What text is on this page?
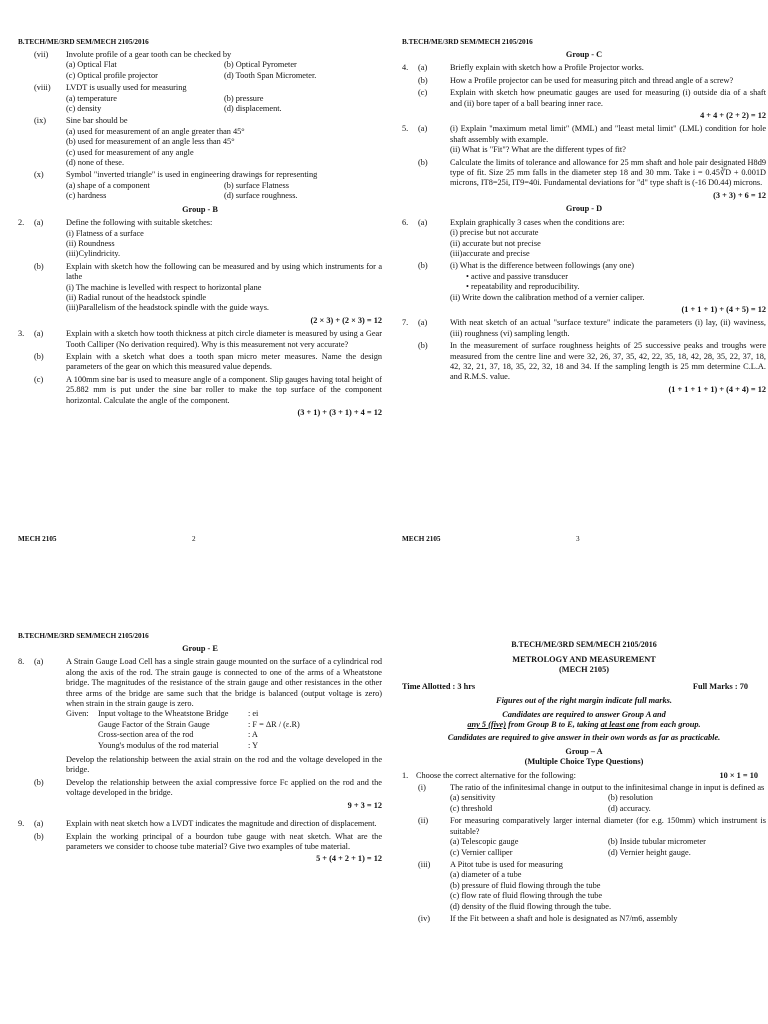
B.TECH/ME/3RD SEM/MECH 2105/2016
(vii)	Involute profile of a gear tooth can be checked by
(a) Optical Flat	(b) Optical Pyrometer
(c) Optical profile projector	(d) Tooth Span Micrometer.
(viii)	LVDT is usually used for measuring
(a) temperature	(b) pressure
(c) density	(d) displacement.
(ix)	Sine bar should be
(a) used for measurement of an angle greater than 45°
(b) used for measurement of an angle less than 45°
(c) used for measurement of any angle
(d) none of these.
(x)	Symbol "inverted triangle" is used in engineering drawings for representing
(a) shape of a component	(b) surface Flatness
(c) hardness	(d) surface roughness.
Group - B
2.	(a)	Define the following with suitable sketches:
(i) Flatness of a surface
(ii) Roundness
(iii)Cylindricity.
(b)	Explain with sketch how the following can be measured and by using which instruments for a lathe
(i) The machine is levelled with respect to horizontal plane
(ii) Radial runout of the headstock spindle
(iii)Parallelism of the headstock spindle with the guide ways.
(2 × 3) + (2 × 3) = 12
3.	(a)	Explain with a sketch how tooth thickness at pitch circle diameter is measured by using a Gear Tooth Calliper (No derivation required). Why is this measurement not very accurate?
(b)	Explain with a sketch what does a tooth span micro meter measures. Name the design parameters of the gear on which this measured value depends.
(c)	A 100mm sine bar is used to measure angle of a component. Slip gauges having total height of 25.882 mm is put under the sine bar roller to make the top surface of the component horizontal. Calculate the angle of the component.
(3 + 1) + (3 + 1) + 4 = 12
MECH 2105	2
B.TECH/ME/3RD SEM/MECH 2105/2016
Group - C
4.	(a)	Briefly explain with sketch how a Profile Projector works.
(b)	How a Profile projector can be used for measuring pitch and thread angle of a screw?
(c)	Explain with sketch how pneumatic gauges are used for measuring (i) outside dia of a shaft and (ii) bore taper of a ball bearing inner race.
4 + 4 + (2 + 2) = 12
5.	(a)	(i) Explain "maximum metal limit" (MML) and "least metal limit" (LML) condition for hole shaft assembly with example.
(ii) What is "Fit"? What are the different types of fit?
(b)	Calculate the limits of tolerance and allowance for 25 mm shaft and hole pair designated H8d9 type of fit. Size 25 mm falls in the diameter step 18 and 30 mm. Take i = 0.45∛D + 0.001D microns, IT8=25i, IT9=40i. Fundamental deviations for "d" type shaft is (-16 D0.44) microns.
(3 + 3) + 6 = 12
Group - D
6.	(a)	Explain graphically 3 cases when the conditions are:
(i) precise but not accurate
(ii) accurate but not precise
(iii)accurate and precise
(b)	(i) What is the difference between followings (any one)
• active and passive transducer
• repeatability and reproducibility.
(ii) Write down the calibration method of a vernier caliper.
(1 + 1 + 1) + (4 + 5) = 12
7.	(a)	With neat sketch of an actual "surface texture" indicate the parameters (i) lay, (ii) waviness, (iii) roughness (vi) sampling length.
(b)	In the measurement of surface roughness heights of 25 successive peaks and troughs were measured from the centre line and were 32, 26, 37, 35, 42, 22, 35, 18, 42, 28, 35, 22, 37, 18, 42, 32, 21, 37, 18, 35, 22, 32, 18 and 34. If the sampling length is 25 mm determine C.L.A. and R.M.S. value.
(1 + 1 + 1 + 1) + (4 + 4) = 12
MECH 2105	3
B.TECH/ME/3RD SEM/MECH 2105/2016
Group - E
8.	(a)	A Strain Gauge Load Cell has a single strain gauge mounted on the surface of a cylindrical rod along the axis of the rod. The strain gauge is connected to one of the arms of a Wheatstone bridge. The magnitudes of the resistance of the strain gauge and other resistances in the other three arms of the bridge are same such that the bridge is balanced (output voltage is zero) when strain in the strain gauge is zero.
Given:	Input voltage to the Wheatstone Bridge	: ei
Gauge Factor of the Strain Gauge	: F = ΔR / (ε.R)
Cross-section area of the rod	: A
Young's modulus of the rod material	: Y
Develop the relationship between the axial strain on the rod and the voltage developed in the bridge.
(b)	Develop the relationship between the axial compressive force Fc applied on the rod and the voltage developed in the bridge.
9 + 3 = 12
9.	(a)	Explain with neat sketch how a LVDT indicates the magnitude and direction of displacement.
(b)	Explain the working principal of a bourdon tube gauge with neat sketch. What are the parameters we consider to choose tube material? Give two examples of tube material.
5 + (4 + 2 + 1) = 12
B.TECH/ME/3RD SEM/MECH 2105/2016
METROLOGY AND MEASUREMENT
(MECH 2105)
Time Allotted : 3 hrs	Full Marks : 70
Figures out of the right margin indicate full marks.
Candidates are required to answer Group A and
any 5 (five) from Group B to E, taking at least one from each group.
Candidates are required to give answer in their own words as far as practicable.
Group – A
(Multiple Choice Type Questions)
1. Choose the correct alternative for the following:	10 × 1 = 10
(i)	The ratio of the infinitesimal change in output to the infinitesimal change in input is defined as
(a) sensitivity	(b) resolution
(c) threshold	(d) accuracy.
(ii)	For measuring comparatively larger internal diameter (for e.g. 150mm) which instrument is suitable?
(a) Telescopic gauge	(b) Inside tubular micrometer
(c) Vernier calliper	(d) Vernier height gauge.
(iii)	A Pitot tube is used for measuring
(a) diameter of a tube
(b) pressure of fluid flowing through the tube
(c) flow rate of fluid flowing through the tube
(d) density of the fluid flowing through the tube.
(iv)	If the Fit between a shaft and hole is designated as N7/m6, assembly
